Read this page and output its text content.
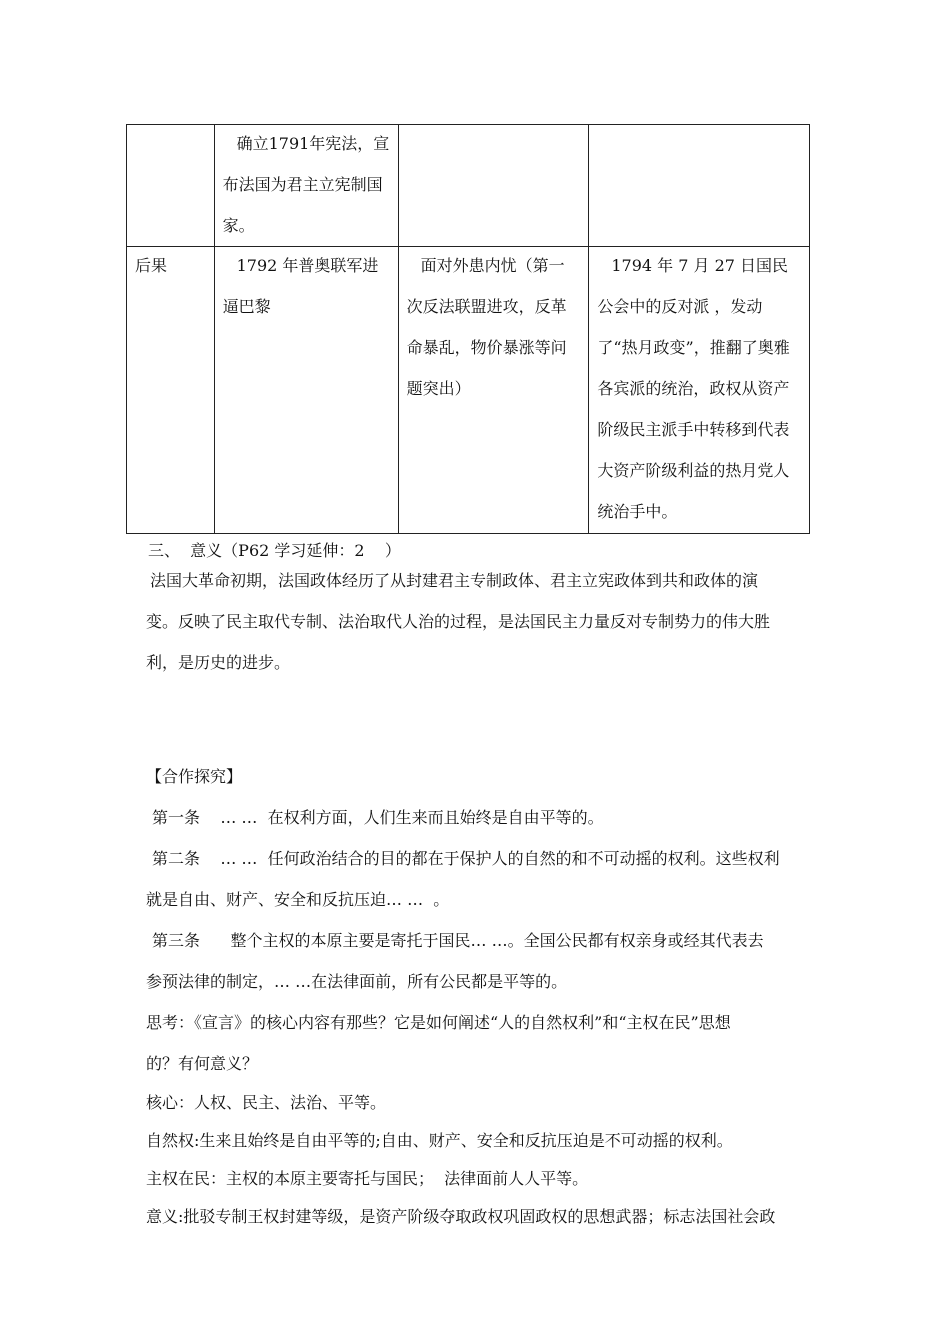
	确立1791年宪法，宣布法国为君主立宪制国家。		

后果	1792 年普奥联军进逼巴黎	面对外患内忧（第一次反法联盟进攻，反革命暴乱，物价暴涨等问题突出）	1794 年 7 月 27 日国民公会中的反对派 ，发动了“热月政变”，推翻了奥雅各宾派的统治，政权从资产阶级民主派手中转移到代表大资产阶级利益的热月党人统治手中。
三、  意义（P62 学习延伸：2    ）
法国大革命初期，法国政体经历了从封建君主专制政体、君主立宪政体到共和政体的演
变。反映了民主取代专制、法治取代人治的过程，是法国民主力量反对专制势力的伟大胜
利，是历史的进步。
【合作探究】
第一条    … …  在权利方面，人们生来而且始终是自由平等的。
第二条    … …  任何政治结合的目的都在于保护人的自然的和不可动摇的权利。这些权利
就是自由、财产、安全和反抗压迫… …  。
第三条      整个主权的本原主要是寄托于国民… …。全国公民都有权亲身或经其代表去
参预法律的制定，… …在法律面前，所有公民都是平等的。
思考：《宣言》的核心内容有那些？它是如何阐述“人的自然权利”和“主权在民”思想
的？有何意义？
核心：人权、民主、法治、平等。
自然权:生来且始终是自由平等的;自由、财产、安全和反抗压迫是不可动摇的权利。
主权在民：主权的本原主要寄托与国民；  法律面前人人平等。
意义:批驳专制王权封建等级，是资产阶级夺取政权巩固政权的思想武器；标志法国社会政
